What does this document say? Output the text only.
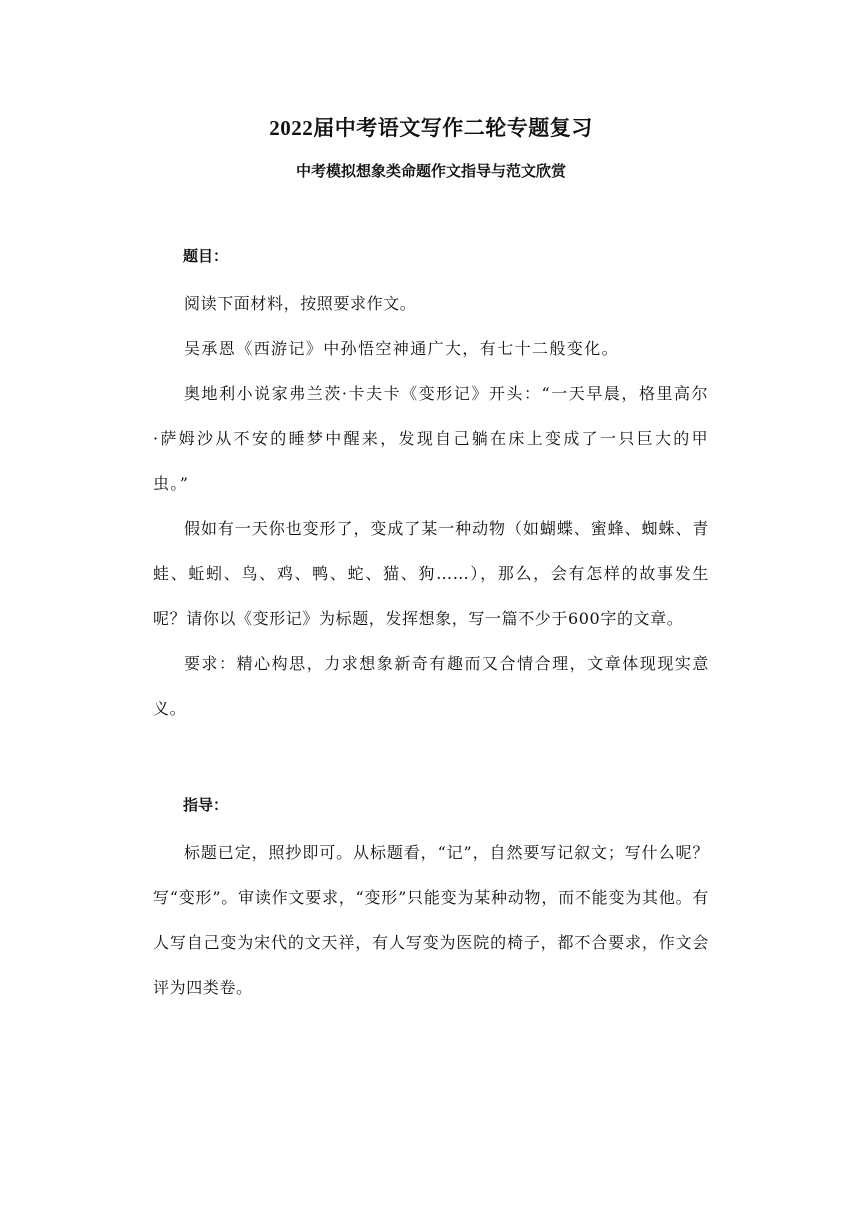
2022届中考语文写作二轮专题复习
中考模拟想象类命题作文指导与范文欣赏

题目：

阅读下面材料，按照要求作文。

吴承恩《西游记》中孙悟空神通广大，有七十二般变化。

奥地利小说家弗兰茨·卡夫卡《变形记》开头：“一天早晨，格里高尔·萨姆沙从不安的睡梦中醒来，发现自己躺在床上变成了一只巨大的甲虫。”

假如有一天你也变形了，变成了某一种动物（如蝴蝶、蜜蜂、蜘蛛、青蛙、蚯蚓、鸟、鸡、鸭、蛇、猫、狗……），那么，会有怎样的故事发生呢？请你以《变形记》为标题，发挥想象，写一篇不少于600字的文章。

要求：精心构思，力求想象新奇有趣而又合情合理，文章体现现实意义。

指导：

标题已定，照抄即可。从标题看，“记”，自然要写记叙文；写什么呢？写“变形”。审读作文要求，“变形”只能变为某种动物，而不能变为其他。有人写自己变为宋代的文天祥，有人写变为医院的椅子，都不合要求，作文会评为四类卷。
